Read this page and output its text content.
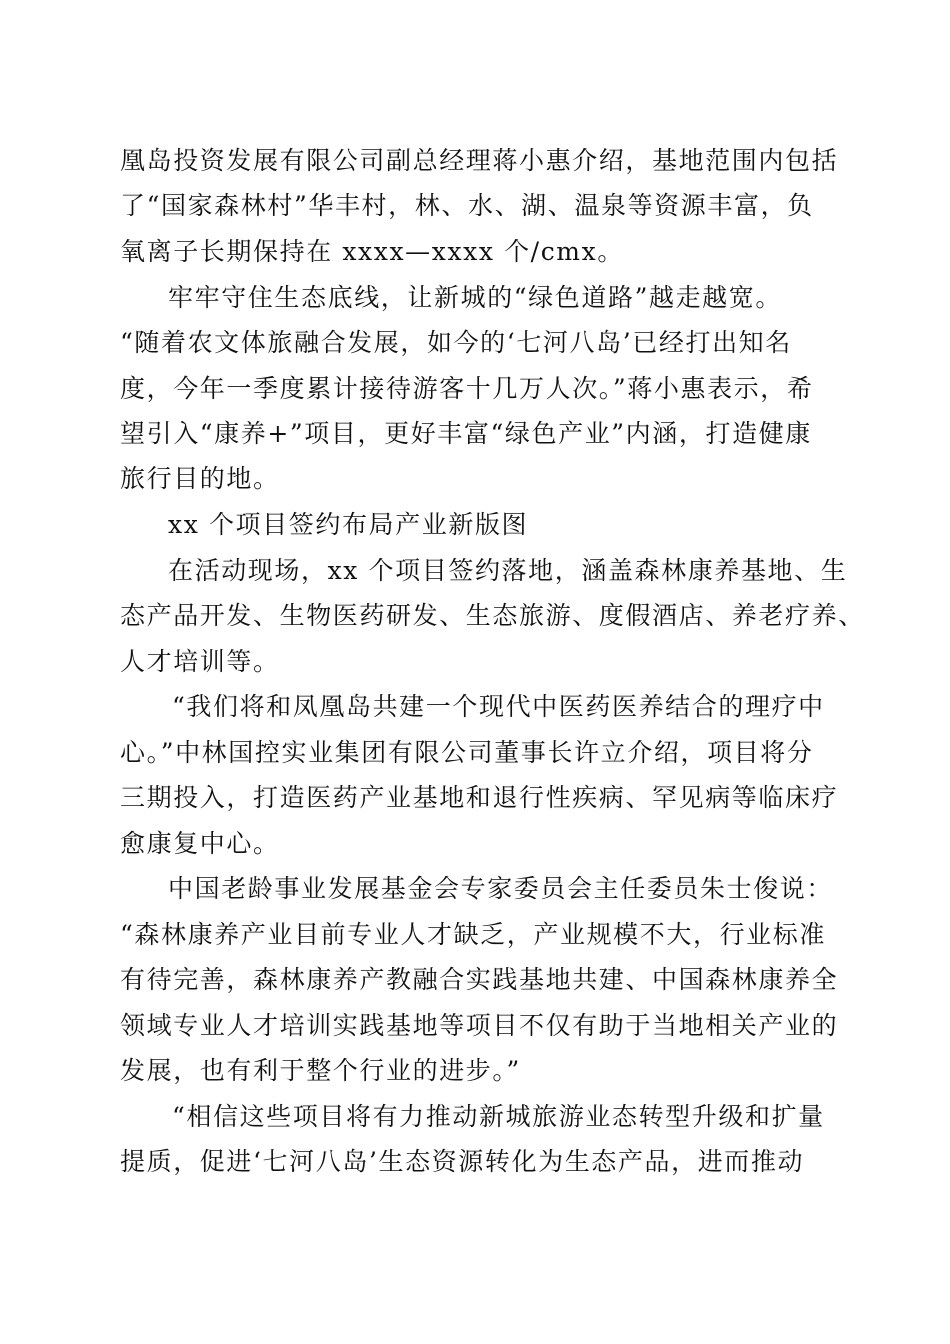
凰岛投资发展有限公司副总经理蒋小惠介绍，基地范围内包括
了“国家森林村”华丰村，林、水、湖、温泉等资源丰富，负
氧离子长期保持在 xxxx—xxxx 个/cmx。
牢牢守住生态底线，让新城的“绿色道路”越走越宽。
“随着农文体旅融合发展，如今的‘七河八岛’已经打出知名
度，今年一季度累计接待游客十几万人次。”蒋小惠表示，希
望引入“康养+”项目，更好丰富“绿色产业”内涵，打造健康
旅行目的地。
xx 个项目签约布局产业新版图
在活动现场，xx 个项目签约落地，涵盖森林康养基地、生
态产品开发、生物医药研发、生态旅游、度假酒店、养老疗养、
人才培训等。
“我们将和凤凰岛共建一个现代中医药医养结合的理疗中
心。”中林国控实业集团有限公司董事长许立介绍，项目将分
三期投入，打造医药产业基地和退行性疾病、罕见病等临床疗
愈康复中心。
中国老龄事业发展基金会专家委员会主任委员朱士俊说：
“森林康养产业目前专业人才缺乏，产业规模不大，行业标准
有待完善，森林康养产教融合实践基地共建、中国森林康养全
领域专业人才培训实践基地等项目不仅有助于当地相关产业的
发展，也有利于整个行业的进步。”
“相信这些项目将有力推动新城旅游业态转型升级和扩量
提质，促进‘七河八岛’生态资源转化为生态产品，进而推动
